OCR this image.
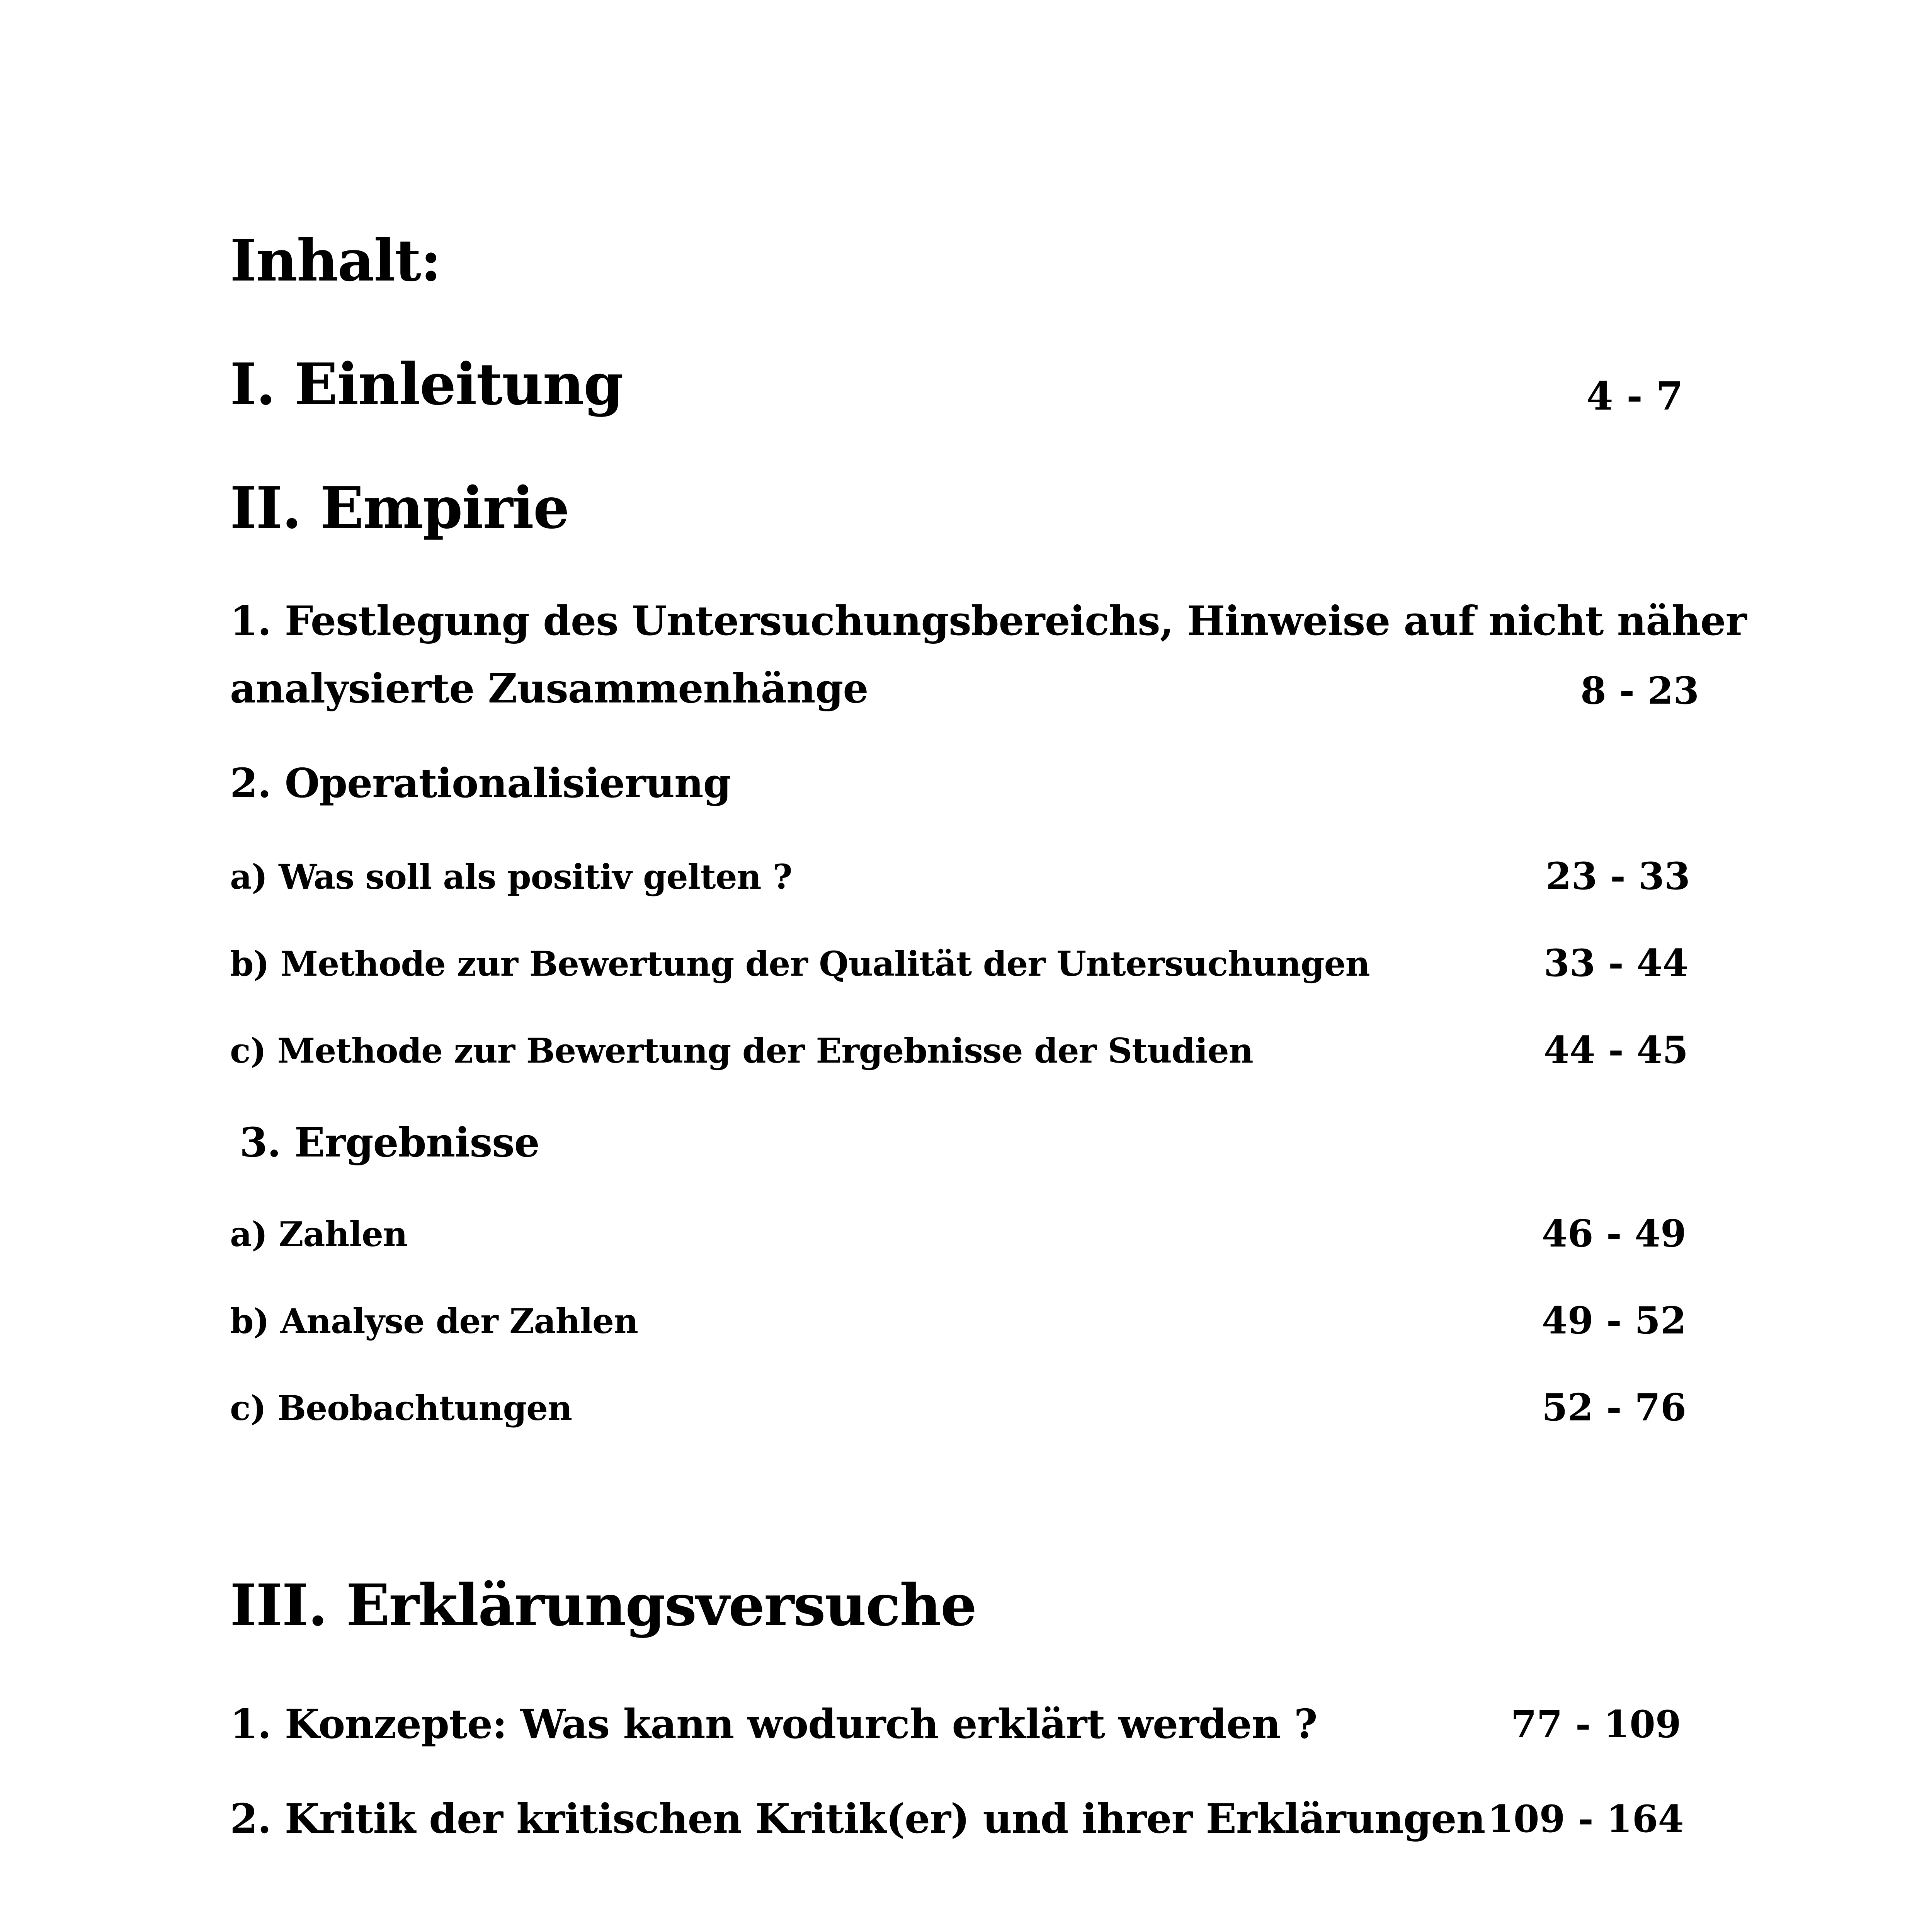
Inhalt:
I. Einleitung	4 - 7
II. Empirie
1. Festlegung des Untersuchungsbereichs, Hinweise auf nicht näher
analysierte Zusammenhänge	8 - 23
2. Operationalisierung
a) Was soll als positiv gelten ?	23 - 33
b) Methode zur Bewertung der Qualität der Untersuchungen	33 - 44
c) Methode zur Bewertung der Ergebnisse der Studien	44 - 45
3. Ergebnisse
a) Zahlen	46 - 49
b) Analyse der Zahlen	49 - 52
c) Beobachtungen	52 - 76
III. Erklärungsversuche
1. Konzepte: Was kann wodurch erklärt werden ?	77 - 109
2. Kritik der kritischen Kritik(er) und ihrer Erklärungen 109 - 164
